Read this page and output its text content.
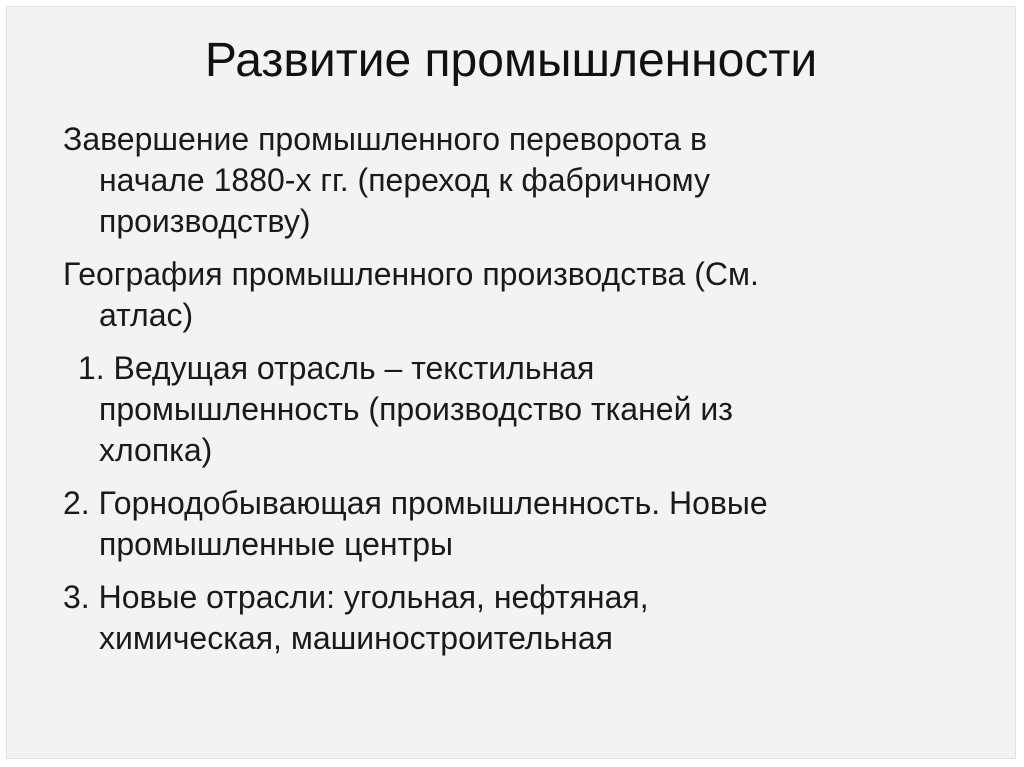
Развитие промышленности

Завершение промышленного переворота в
начале 1880-х гг. (переход к фабричному
производству)

География промышленного производства (См.
атлас)

1. Ведущая отрасль – текстильная
промышленность (производство тканей из
хлопка)

2. Горнодобывающая промышленность. Новые
промышленные центры

3. Новые отрасли: угольная, нефтяная,
химическая, машиностроительная
